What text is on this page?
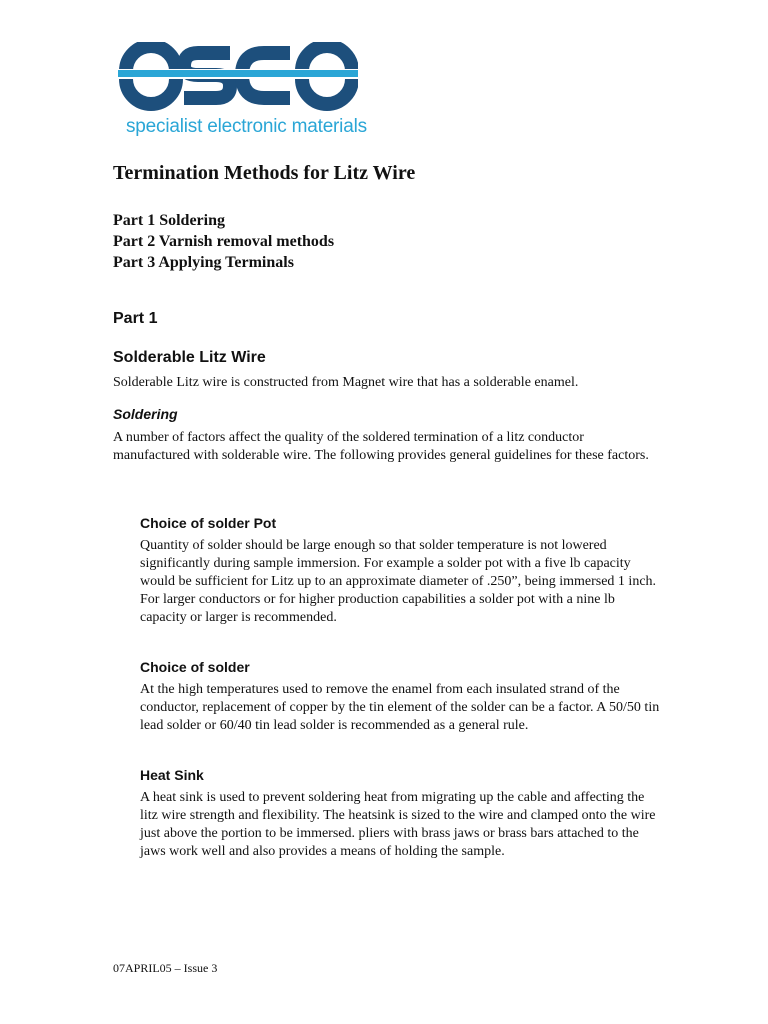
specialist electronic materials
Termination Methods for Litz Wire
Part 1 Soldering
Part 2 Varnish removal methods
Part 3 Applying Terminals
Part 1
Solderable Litz Wire

Solderable Litz wire is constructed from Magnet wire that has a solderable enamel.

Soldering

A number of factors affect the quality of the soldered termination of a litz conductor manufactured with solderable wire. The following provides general guidelines for these factors.

Choice of solder Pot

Quantity of solder should be large enough so that solder temperature is not lowered significantly during sample immersion. For example a solder pot with a five lb capacity would be sufficient for Litz up to an approximate diameter of .250”, being immersed 1 inch. For larger conductors or for higher production capabilities a solder pot with a nine lb capacity or larger is recommended.

Choice of solder

At the high temperatures used to remove the enamel from each insulated strand of the conductor, replacement of copper by the tin element of the solder can be a factor. A 50/50 tin lead solder or 60/40 tin lead solder is recommended as a general rule.

Heat Sink

A heat sink is used to prevent soldering heat from migrating up the cable and affecting the litz wire strength and flexibility. The heatsink is sized to the wire and clamped onto the wire just above the portion to be immersed. pliers with brass jaws or brass bars attached to the jaws work well and also provides a means of holding the sample.

07APRIL05 – Issue 3
